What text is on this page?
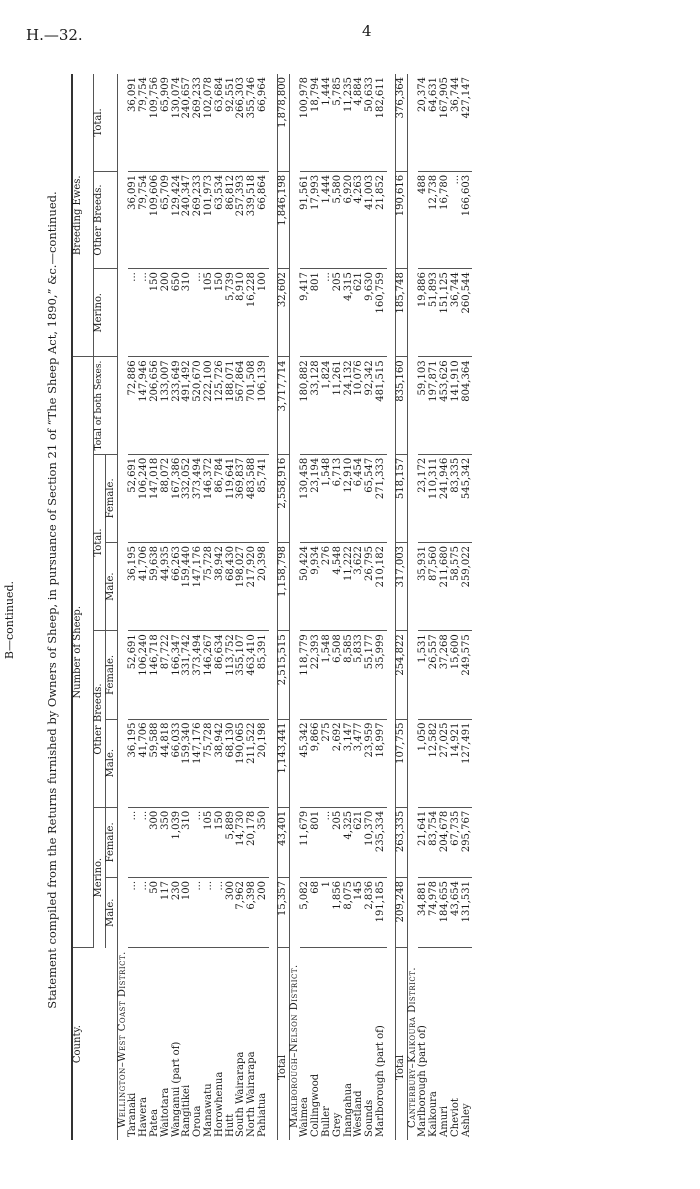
H.—32.	4
Statement compiled from the Returns furnished by Owners of Sheep, in pursuance of Section 21 of “The Sheep Act, 1890,” &c.—continued.
County.	Number of Sheep.							Breeding Ewes.		
	Merino.		Other Breeds.		Total.		Total of both Sexes.	Merino.	Other Breeds.	Total.
	Male.	Female.	Male.	Female.	Male.	Female.				
Wellington–West Coast District.										
Taranaki	...	...	36,195	52,691	36,195	52,691	72,886	...	36,091	36,091
Hawera	...	...	41,706	106,240	41,706	106,240	147,946	...	79,754	79,754
Patea	50	300	59,588	146,718	59,638	147,018	206,656	150	109,606	109,756
Waitotara	117	350	44,818	87,722	44,935	88,072	133,007	200	65,709	65,909
Wanganui (part of)	230	1,039	66,033	166,347	66,263	167,386	233,649	650	129,424	130,074
Rangitikei	100	310	159,340	331,742	159,440	332,052	491,492	310	240,347	240,657
Oroua	...	...	147,176	373,494	147,176	373,494	520,670	...	269,233	269,233
Manawatu	...	105	75,728	146,267	75,728	146,372	222,100	105	101,973	102,078
Horowhenua	...	150	38,942	86,634	38,942	86,784	125,726	150	63,534	63,684
Hutt	300	5,889	68,130	113,752	68,430	119,641	188,071	5,739	86,812	92,551
South Wairarapa	7,962	14,730	190,065	355,107	198,027	369,837	567,864	8,910	257,393	266,303
North Wairarapa	6,398	20,178	211,522	463,410	217,920	483,588	701,508	16,228	339,518	355,746
Pahiatua	200	350	20,198	85,391	20,398	85,741	106,139	100	66,864	66,964

Total	15,357	43,401	1,143,441	2,515,515	1,158,798	2,558,916	3,717,714	32,602	1,846,198	1,878,800
Marlborough–Nelson District.										
Waimea	5,082	11,679	45,342	118,779	50,424	130,458	180,882	9,417	91,561	100,978
Collingwood	68	801	9,866	22,393	9,934	23,194	33,128	801	17,993	18,794
Buller	1	...	275	1,548	276	1,548	1,824	...	1,444	1,444
Grey	1,856	205	2,692	6,508	4,548	6,713	11,261	205	5,580	5,785
Inangahua	8,075	4,325	3,147	8,585	11,222	12,910	24,132	4,315	6,920	11,235
Westland	145	621	3,477	5,833	3,622	6,454	10,076	621	4,263	4,884
Sounds	2,836	10,370	23,959	55,177	26,795	65,547	92,342	9,630	41,003	50,633
Marlborough (part of)	191,185	235,334	18,997	35,999	210,182	271,333	481,515	160,759	21,852	182,611

Total	209,248	263,335	107,755	254,822	317,003	518,157	835,160	185,748	190,616	376,364
Canterbury–Kaikoura District.										
Marlborough (part of)	34,881	21,641	1,050	1,531	35,931	23,172	59,103	19,886	488	20,374
Kaikoura	74,978	83,754	12,582	26,557	87,560	110,311	197,871	51,893	12,738	64,631
Amuri	184,655	204,678	27,025	37,268	211,680	241,946	453,626	151,125	16,780	167,905
Cheviot	43,654	67,735	14,921	15,600	58,575	83,335	141,910	36,744	...	36,744
Ashley	131,531	295,767	127,491	249,575	259,022	545,342	804,364	260,544	166,603	427,147
B—continued.
